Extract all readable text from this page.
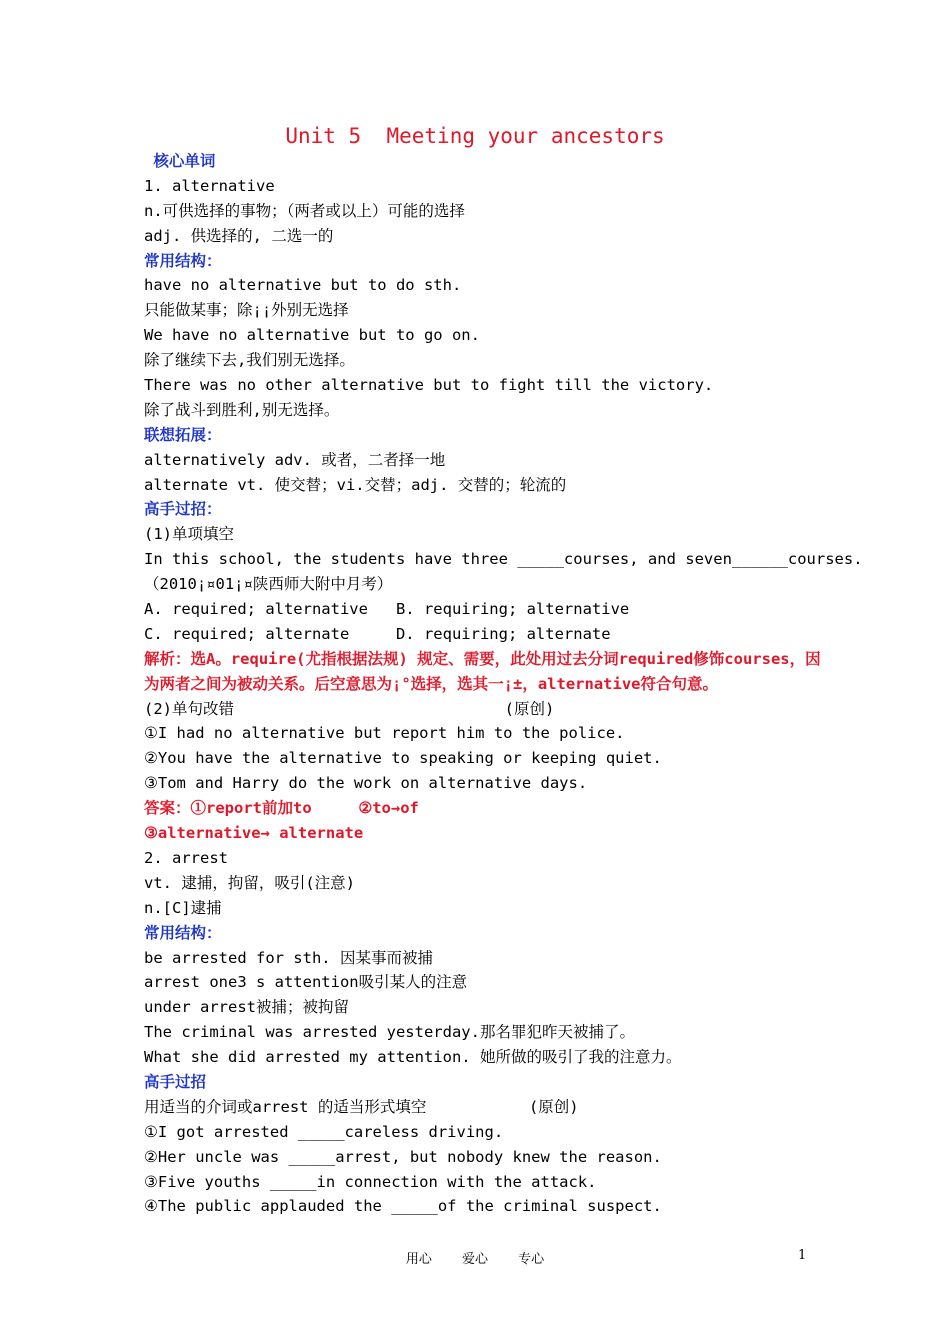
Unit 5  Meeting your ancestors
核心单词
1. alternative
n.可供选择的事物；（两者或以上）可能的选择
adj. 供选择的, 二选一的
常用结构：
have no alternative but to do sth.
只能做某事；除¡¡外别无选择
We have no alternative but to go on.
除了继续下去,我们别无选择。
There was no other alternative but to fight till the victory.
除了战斗到胜利,别无选择。
联想拓展：
alternatively adv. 或者，二者择一地
alternate vt. 使交替；vi.交替；adj. 交替的；轮流的
高手过招：
(1)单项填空
In this school, the students have three _____courses, and seven______courses.
（2010¡¤01¡¤陕西师大附中月考）
A. required; alternative   B. requiring; alternative
C. required; alternate     D. requiring; alternate
解析：选A。require(尤指根据法规) 规定、需要，此处用过去分词required修饰courses，因
为两者之间为被动关系。后空意思为¡°选择，选其一¡±，alternative符合句意。
(2)单句改错                             (原创)
①I had no alternative but report him to the police.
②You have the alternative to speaking or keeping quiet.
③Tom and Harry do the work on alternative days.
答案：①report前加to     ②to→of
③alternative→ alternate
2. arrest
vt. 逮捕，拘留，吸引(注意)
n.[C]逮捕
常用结构：
be arrested for sth. 因某事而被捕
arrest one3 s attention吸引某人的注意
under arrest被捕；被拘留
The criminal was arrested yesterday.那名罪犯昨天被捕了。
What she did arrested my attention. 她所做的吸引了我的注意力。
高手过招
用适当的介词或arrest 的适当形式填空           (原创)
①I got arrested _____careless driving.
②Her uncle was _____arrest, but nobody knew the reason.
③Five youths _____in connection with the attack.
④The public applauded the _____of the criminal suspect.
用心 爱心 专心	1
